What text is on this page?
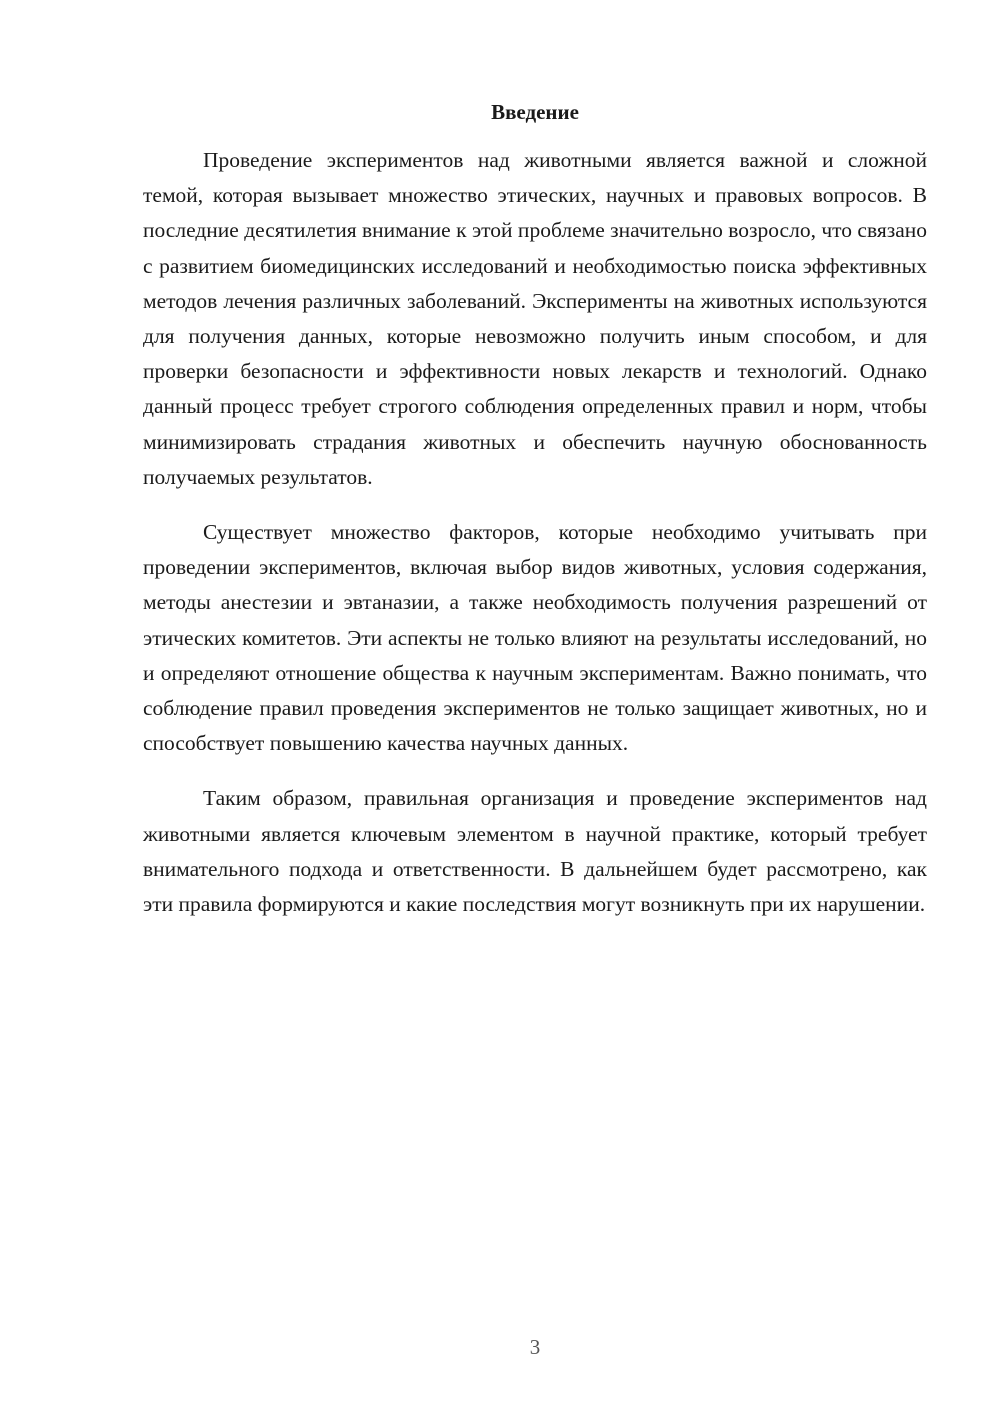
Введение

Проведение экспериментов над животными является важной и сложной темой, которая вызывает множество этических, научных и правовых вопросов. В последние десятилетия внимание к этой проблеме значительно возросло, что связано с развитием биомедицинских исследований и необходимостью поиска эффективных методов лечения различных заболеваний. Эксперименты на животных используются для получения данных, которые невозможно получить иным способом, и для проверки безопасности и эффективности новых лекарств и технологий. Однако данный процесс требует строгого соблюдения определенных правил и норм, чтобы минимизировать страдания животных и обеспечить научную обоснованность получаемых результатов.

Существует множество факторов, которые необходимо учитывать при проведении экспериментов, включая выбор видов животных, условия содержания, методы анестезии и эвтаназии, а также необходимость получения разрешений от этических комитетов. Эти аспекты не только влияют на результаты исследований, но и определяют отношение общества к научным экспериментам. Важно понимать, что соблюдение правил проведения экспериментов не только защищает животных, но и способствует повышению качества научных данных.

Таким образом, правильная организация и проведение экспериментов над животными является ключевым элементом в научной практике, который требует внимательного подхода и ответственности. В дальнейшем будет рассмотрено, как эти правила формируются и какие последствия могут возникнуть при их нарушении.

3
